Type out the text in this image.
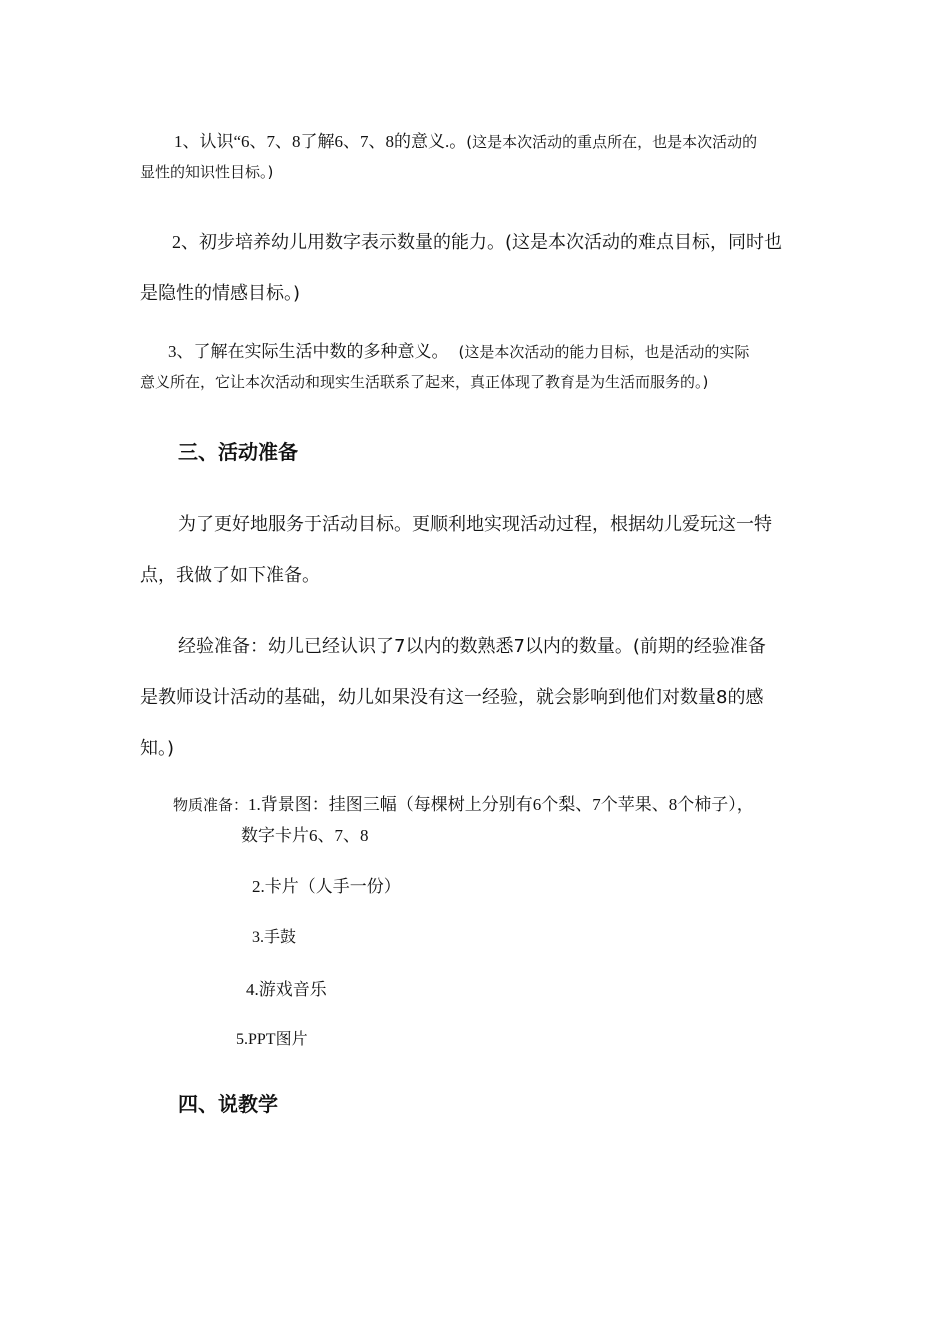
1、认识“6、7、8了解6、7、8的意义.。(这是本次活动的重点所在，也是本次活动的

显性的知识性目标。)

2、初步培养幼儿用数字表示数量的能力。(这是本次活动的难点目标，同时也

是隐性的情感目标。)

3、了解在实际生活中数的多种意义。 (这是本次活动的能力目标，也是活动的实际

意义所在，它让本次活动和现实生活联系了起来，真正体现了教育是为生活而服务的。)

三、活动准备

为了更好地服务于活动目标。更顺利地实现活动过程，根据幼儿爱玩这一特

点，我做了如下准备。

经验准备：幼儿已经认识了7以内的数熟悉7以内的数量。(前期的经验准备

是教师设计活动的基础，幼儿如果没有这一经验，就会影响到他们对数量8的感

知。)

物质准备：1.背景图：挂图三幅（每棵树上分别有6个梨、7个苹果、8个柿子），

数字卡片6、7、8

2.卡片（人手一份）

3.手鼓

4.游戏音乐

5.PPT图片

四、说教学
